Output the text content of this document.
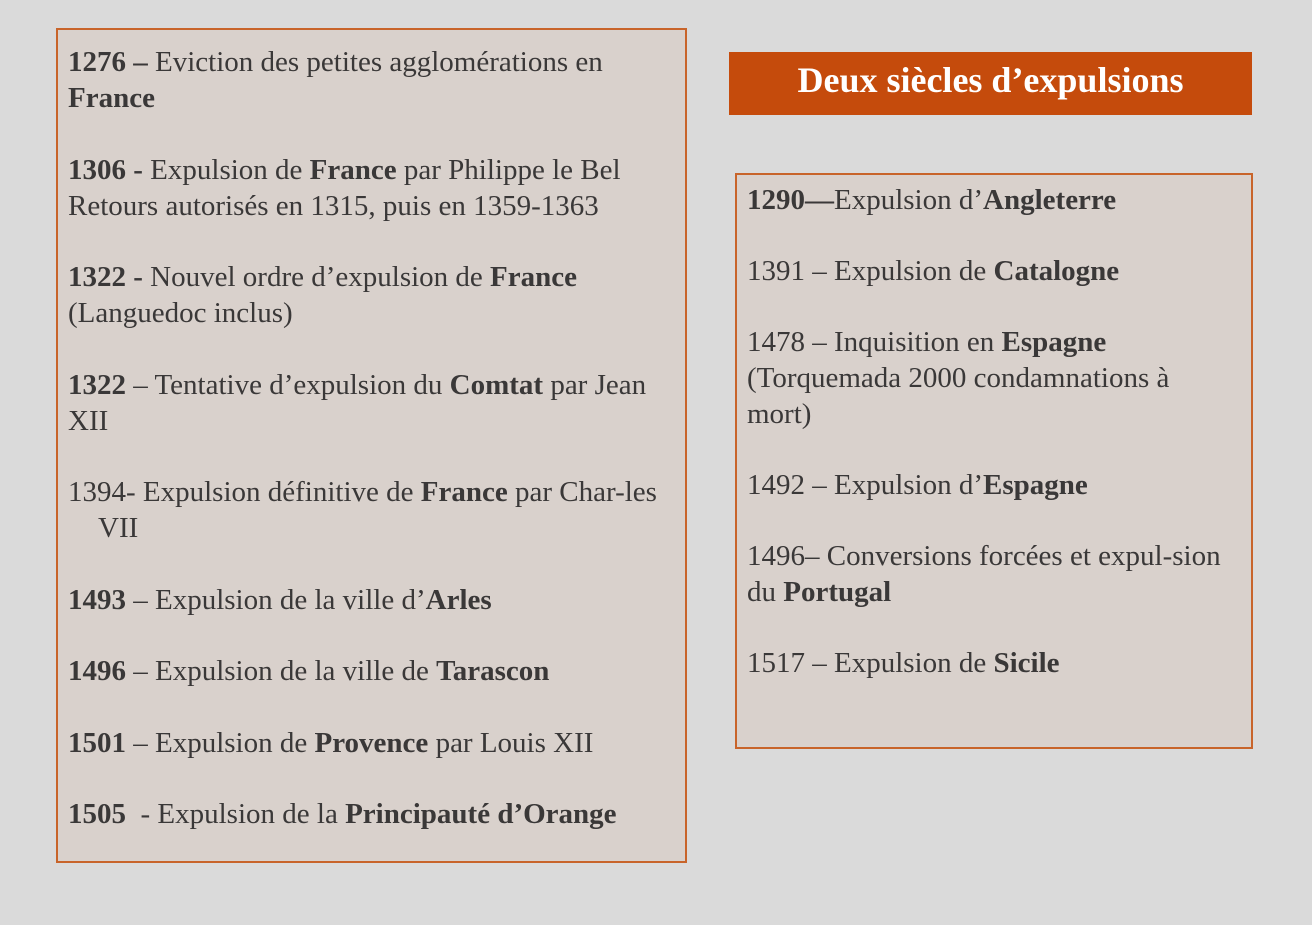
1276 – Eviction des petites agglomérations en
France

1306 - Expulsion de France par Philippe le Bel Retours autorisés en 1315, puis en 1359-1363

1322 - Nouvel ordre d’expulsion de France (Languedoc inclus)

1322 – Tentative d’expulsion du Comtat par Jean XII

1394- Expulsion définitive de France par Char-les VII

1493 – Expulsion de la ville d’Arles

1496 – Expulsion de la ville de Tarascon

1501 – Expulsion de Provence par Louis XII

1505  - Expulsion de la Principauté d’Orange

Deux siècles d’expulsions

1290—Expulsion d’Angleterre

1391 – Expulsion de Catalogne

1478 – Inquisition en Espagne (Torquemada 2000 condamnations à mort)

1492 – Expulsion d’Espagne

1496– Conversions forcées et expul-sion du Portugal

1517 – Expulsion de Sicile
